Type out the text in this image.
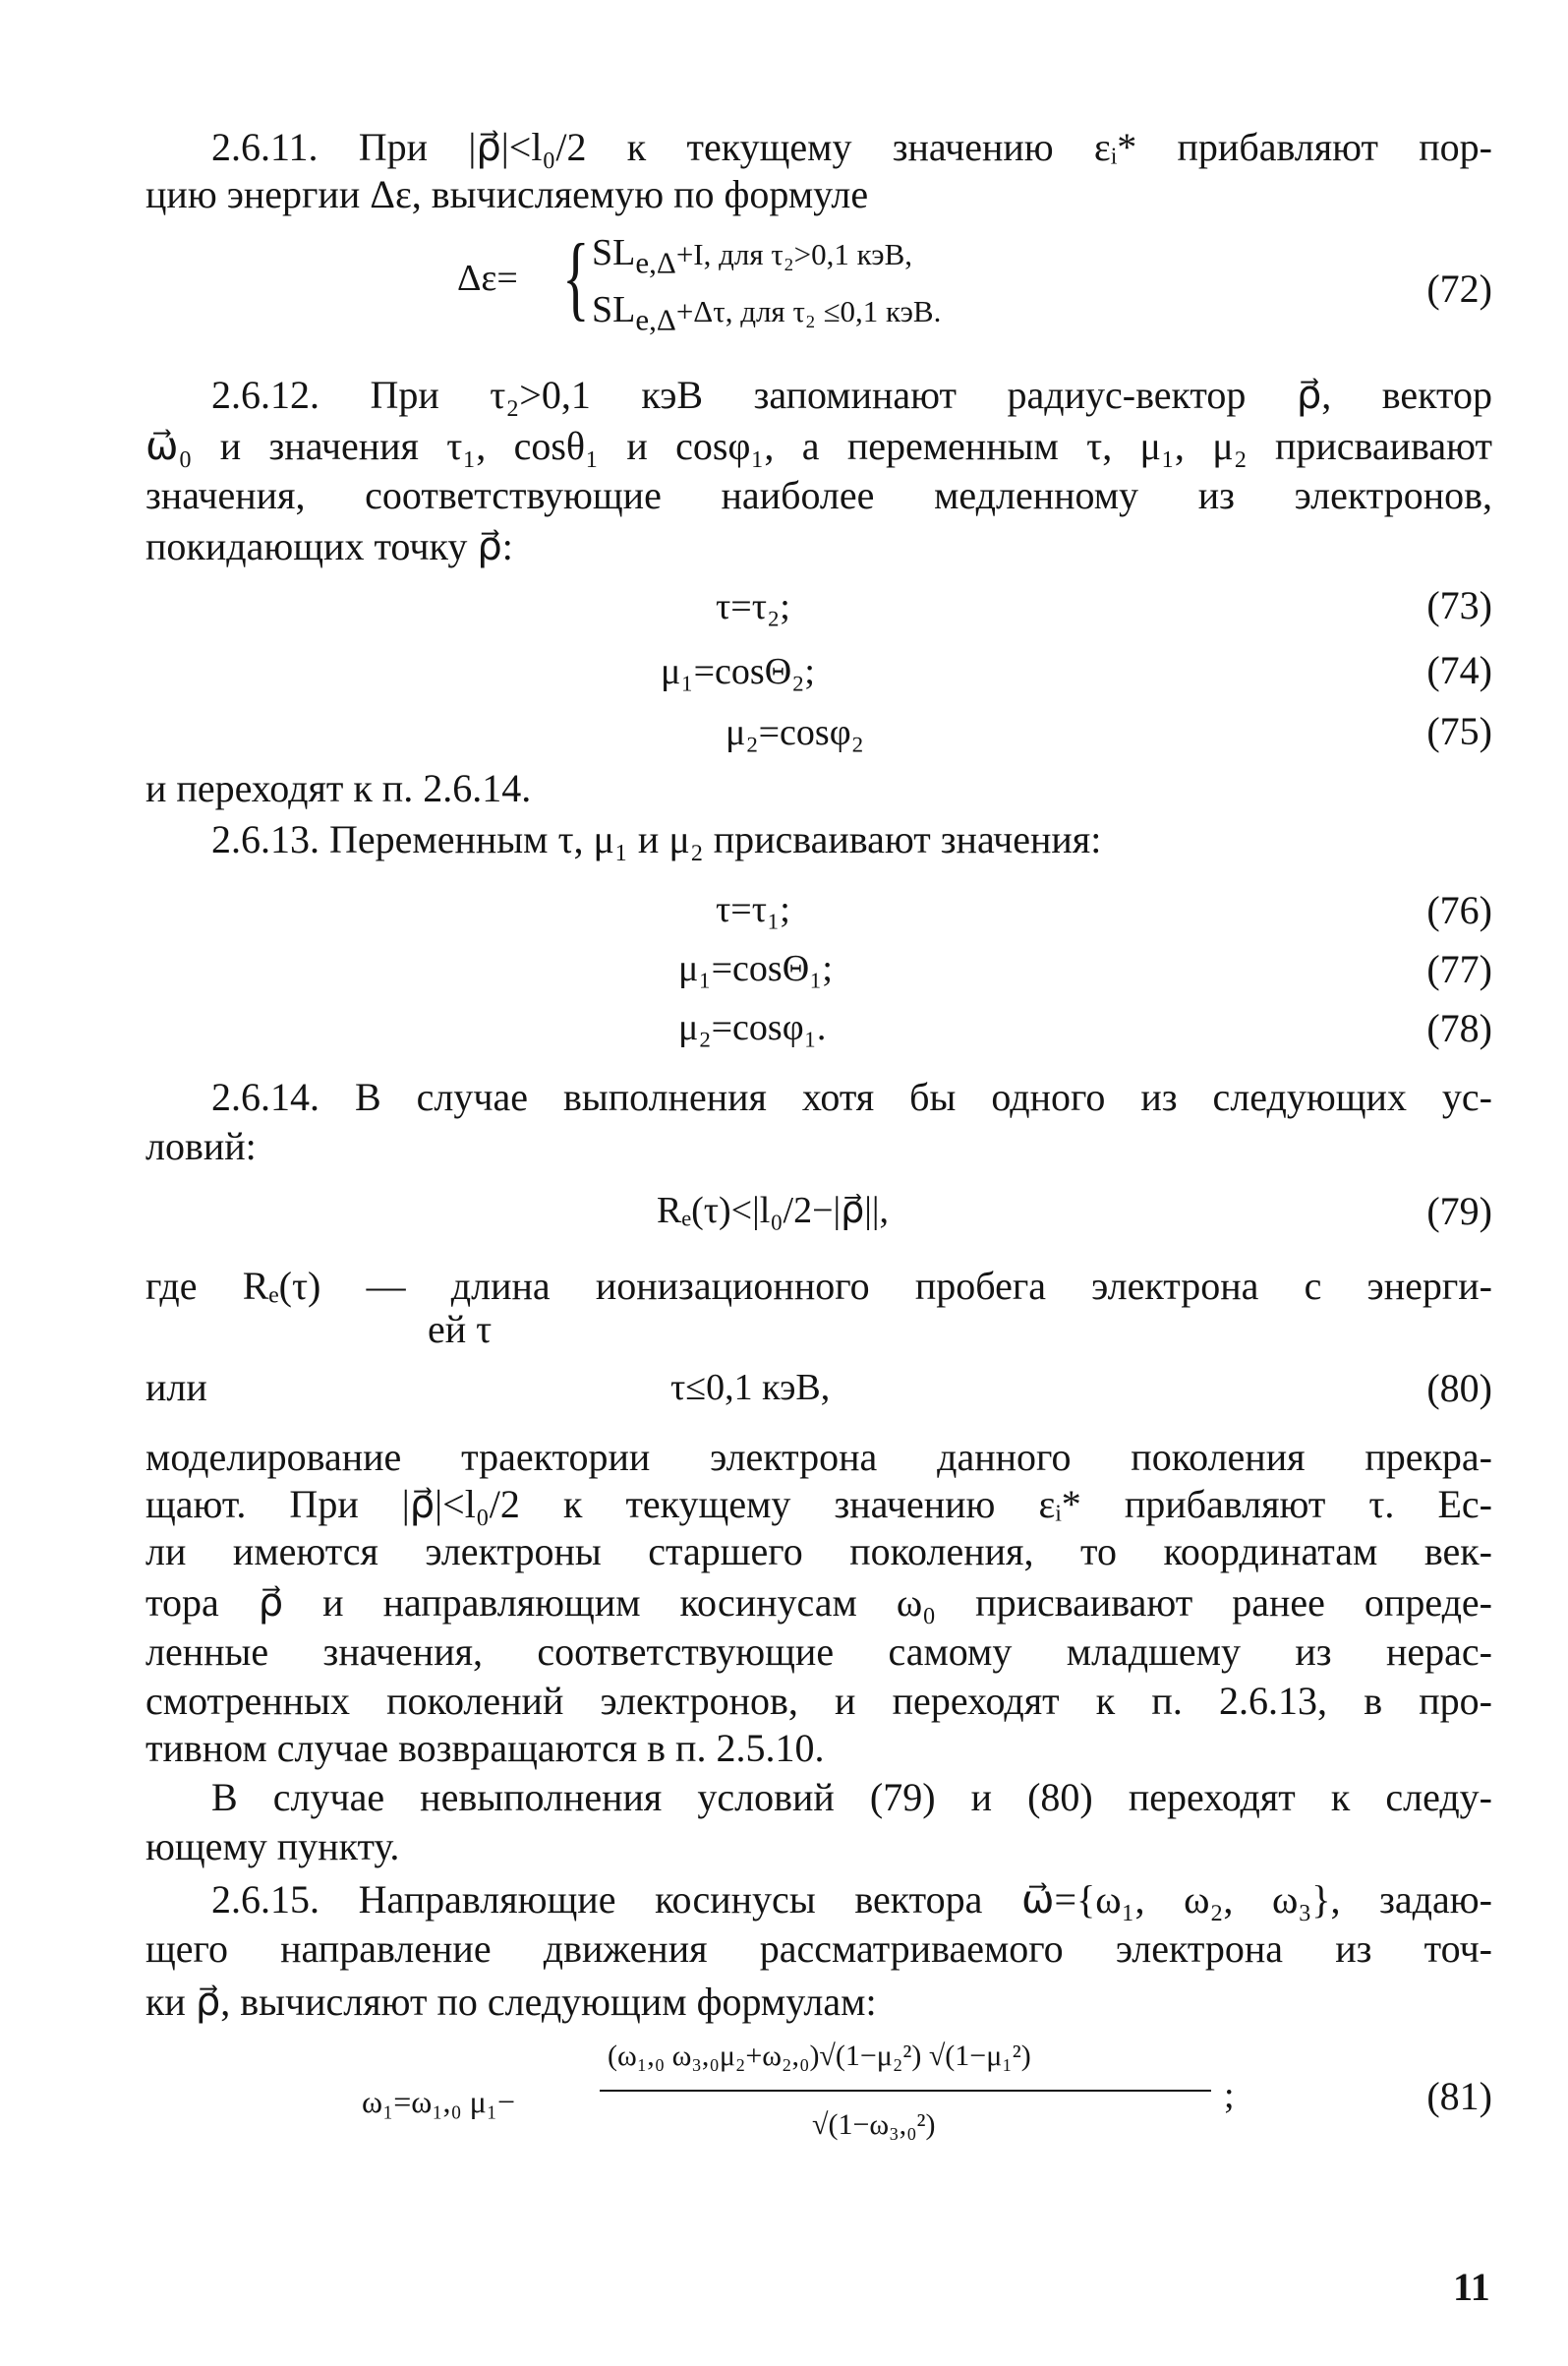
2.6.11. При |ρ⃗|<l₀/2 к текущему значению εᵢ* прибавляют пор-
цию энергии Δε, вычисляемую по формуле
Δε= { $SL_{e,\Delta}+I$, для τ₂>0,1 кэВ,
$SL_{e,\Delta}+\Delta\tau$, для τ₂ ≤0,1 кэВ.
(72)
2.6.12. При τ₂>0,1 кэВ запоминают радиус-вектор ρ⃗, вектор
ω⃗₀ и значения τ₁, cosθ₁ и cosφ₁, а переменным τ, μ₁, μ₂ присваивают
значения, соответствующие наиболее медленному из электронов,
покидающих точку ρ⃗:
τ=τ₂;	(73)
μ₁=cosΘ₂;	(74)
μ₂=cosφ₂	(75)
и переходят к п. 2.6.14.
2.6.13. Переменным τ, μ₁ и μ₂ присваивают значения:
τ=τ₁;	(76)
μ₁=cosΘ₁;	(77)
μ₂=cosφ₁.	(78)
2.6.14. В случае выполнения хотя бы одного из следующих ус-
ловий:
Rₑ(τ)<|l₀/2−|ρ⃗||,	(79)
где Rₑ(τ) — длина ионизационного пробега электрона с энерги-
ей τ
или	τ≤0,1 кэВ,	(80)
моделирование траектории электрона данного поколения прекра-
щают. При |ρ⃗|<l₀/2 к текущему значению εᵢ* прибавляют τ. Ес-
ли имеются электроны старшего поколения, то координатам век-
тора ρ⃗ и направляющим косинусам ω₀ присваивают ранее опреде-
ленные значения, соответствующие самому младшему из нерас-
смотренных поколений электронов, и переходят к п. 2.6.13, в про-
тивном случае возвращаются в п. 2.5.10.
В случае невыполнения условий (79) и (80) переходят к следу-
ющему пункту.
2.6.15. Направляющие косинусы вектора ω⃗={ω₁, ω₂, ω₃}, задаю-
щего направление движения рассматриваемого электрона из точ-
ки ρ⃗, вычисляют по следующим формулам:
ω₁=ω₁,₀ μ₁−
(ω₁,₀ ω₃,₀μ₂+ω₂,₀)√(1−μ₂²) √(1−μ₁²)
√(1−ω₃,₀²)
;	(81)
11
